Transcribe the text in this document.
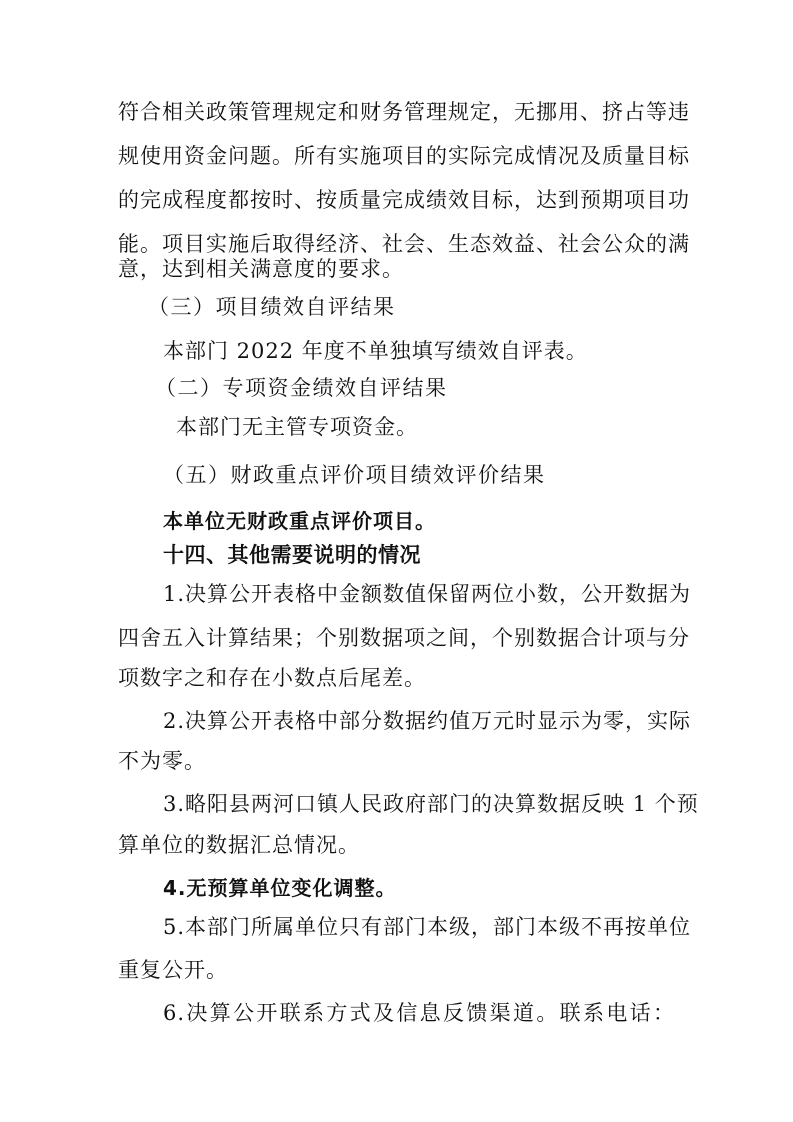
符合相关政策管理规定和财务管理规定，无挪用、挤占等违
规使用资金问题。所有实施项目的实际完成情况及质量目标
的完成程度都按时、按质量完成绩效目标，达到预期项目功
能。项目实施后取得经济、社会、生态效益、社会公众的满
意，达到相关满意度的要求。
（三）项目绩效自评结果
本部门 2022 年度不单独填写绩效自评表。
（二）专项资金绩效自评结果
本部门无主管专项资金。
（五）财政重点评价项目绩效评价结果
本单位无财政重点评价项目。
十四、其他需要说明的情况
1.决算公开表格中金额数值保留两位小数，公开数据为
四舍五入计算结果；个别数据项之间，个别数据合计项与分
项数字之和存在小数点后尾差。
2.决算公开表格中部分数据约值万元时显示为零，实际
不为零。
3.略阳县两河口镇人民政府部门的决算数据反映 1 个预
算单位的数据汇总情况。
4.无预算单位变化调整。
5.本部门所属单位只有部门本级，部门本级不再按单位
重复公开。
6.决算公开联系方式及信息反馈渠道。联系电话：
